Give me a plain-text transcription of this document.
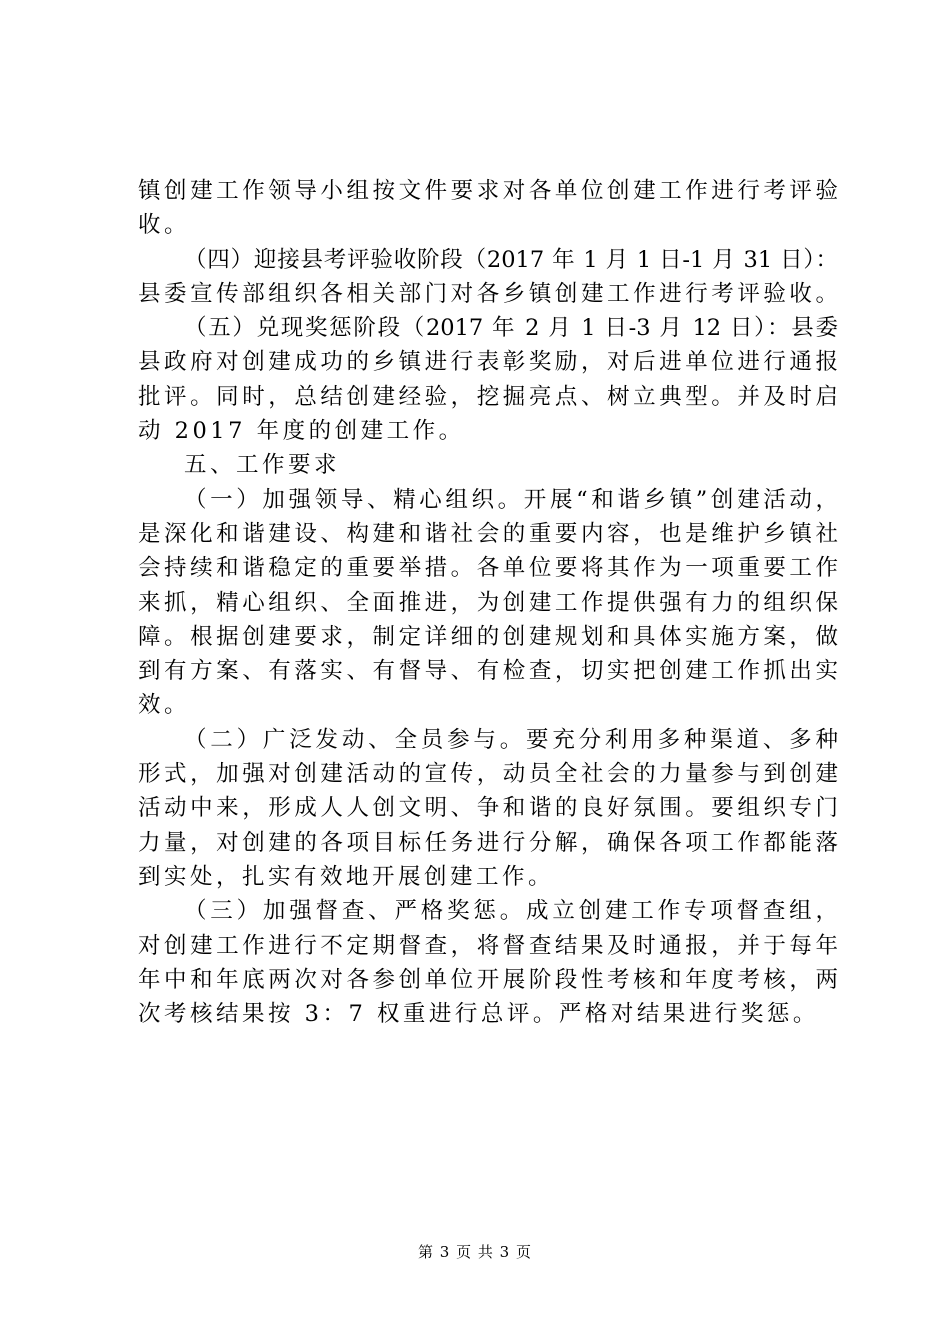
镇创建工作领导小组按文件要求对各单位创建工作进行考评验
收。
（四）迎接县考评验收阶段（2017 年 1 月 1 日-1 月 31 日）：
县委宣传部组织各相关部门对各乡镇创建工作进行考评验收。
（五）兑现奖惩阶段（2017 年 2 月 1 日-3 月 12 日）：县委
县政府对创建成功的乡镇进行表彰奖励，对后进单位进行通报
批评。同时，总结创建经验，挖掘亮点、树立典型。并及时启
动 2017 年度的创建工作。
五、工作要求
（一）加强领导、精心组织。开展“和谐乡镇”创建活动，
是深化和谐建设、构建和谐社会的重要内容，也是维护乡镇社
会持续和谐稳定的重要举措。各单位要将其作为一项重要工作
来抓，精心组织、全面推进，为创建工作提供强有力的组织保
障。根据创建要求，制定详细的创建规划和具体实施方案，做
到有方案、有落实、有督导、有检查，切实把创建工作抓出实
效。
（二）广泛发动、全员参与。要充分利用多种渠道、多种
形式，加强对创建活动的宣传，动员全社会的力量参与到创建
活动中来，形成人人创文明、争和谐的良好氛围。要组织专门
力量，对创建的各项目标任务进行分解，确保各项工作都能落
到实处，扎实有效地开展创建工作。
（三）加强督查、严格奖惩。成立创建工作专项督查组，
对创建工作进行不定期督查，将督查结果及时通报，并于每年
年中和年底两次对各参创单位开展阶段性考核和年度考核，两
次考核结果按 3：7 权重进行总评。严格对结果进行奖惩。
第 3 页 共 3 页
